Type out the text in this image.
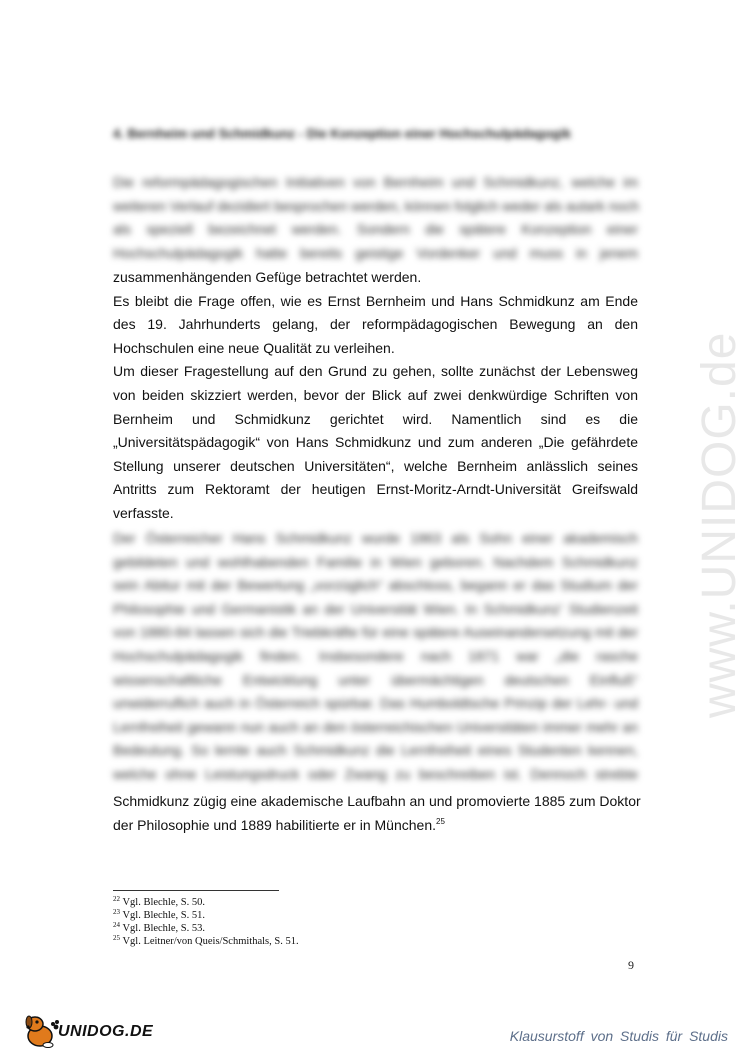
4. Bernheim und Schmidkunz - Die Konzeption einer Hochschulpädagogik
Die reformpädagogischen Initiativen von Bernheim und Schmidkunz, welche im
weiteren Verlauf dezidiert besprochen werden, können folglich weder als autark noch
als speziell bezeichnet werden. Sondern die spätere Konzeption einer
Hochschulpädagogik hatte bereits geistige Vordenker und muss in jenem
zusammenhängenden Gefüge betrachtet werden.
Es bleibt die Frage offen, wie es Ernst Bernheim und Hans Schmidkunz am Ende
des 19. Jahrhunderts gelang, der reformpädagogischen Bewegung an den
Hochschulen eine neue Qualität zu verleihen.
Um dieser Fragestellung auf den Grund zu gehen, sollte zunächst der Lebensweg
von beiden skizziert werden, bevor der Blick auf zwei denkwürdige Schriften von
Bernheim und Schmidkunz gerichtet wird. Namentlich sind es die
„Universitätspädagogik“ von Hans Schmidkunz und zum anderen „Die gefährdete
Stellung unserer deutschen Universitäten“, welche Bernheim anlässlich seines
Antritts zum Rektoramt der heutigen Ernst-Moritz-Arndt-Universität Greifswald
verfasste.
Der Österreicher Hans Schmidkunz wurde 1863 als Sohn einer akademisch
gebildeten und wohlhabenden Familie in Wien geboren. Nachdem Schmidkunz
sein Abitur mit der Bewertung „vorzüglich“ abschloss, begann er das Studium der
Philosophie und Germanistik an der Universität Wien. In Schmidkunz’ Studienzeit
von 1880-84 lassen sich die Triebkräfte für eine spätere Auseinandersetzung mit der
Hochschulpädagogik finden. Insbesondere nach 1871 war „die rasche
wissenschaftliche Entwicklung unter übermächtigen deutschen Einfluß“
unwiderruflich auch in Österreich spürbar. Das Humboldtsche Prinzip der Lehr- und
Lernfreiheit gewann nun auch an den österreichischen Universitäten immer mehr an
Bedeutung. So lernte auch Schmidkunz die Lernfreiheit eines Studenten kennen,
welche ohne Leistungsdruck oder Zwang zu beschreiben ist. Dennoch strebte
Schmidkunz zügig eine akademische Laufbahn an und promovierte 1885 zum Doktor
der Philosophie und 1889 habilitierte er in München.$^{25}$
$^{22}$ Vgl. Blechle, S. 50.
$^{23}$ Vgl. Blechle, S. 51.
$^{24}$ Vgl. Blechle, S. 53.
$^{25}$ Vgl. Leitner/von Queis/Schmithals, S. 51.
9
www.UNIDOG.de
UNIDOG.DE	Klausurstoff von Studis für Studis
